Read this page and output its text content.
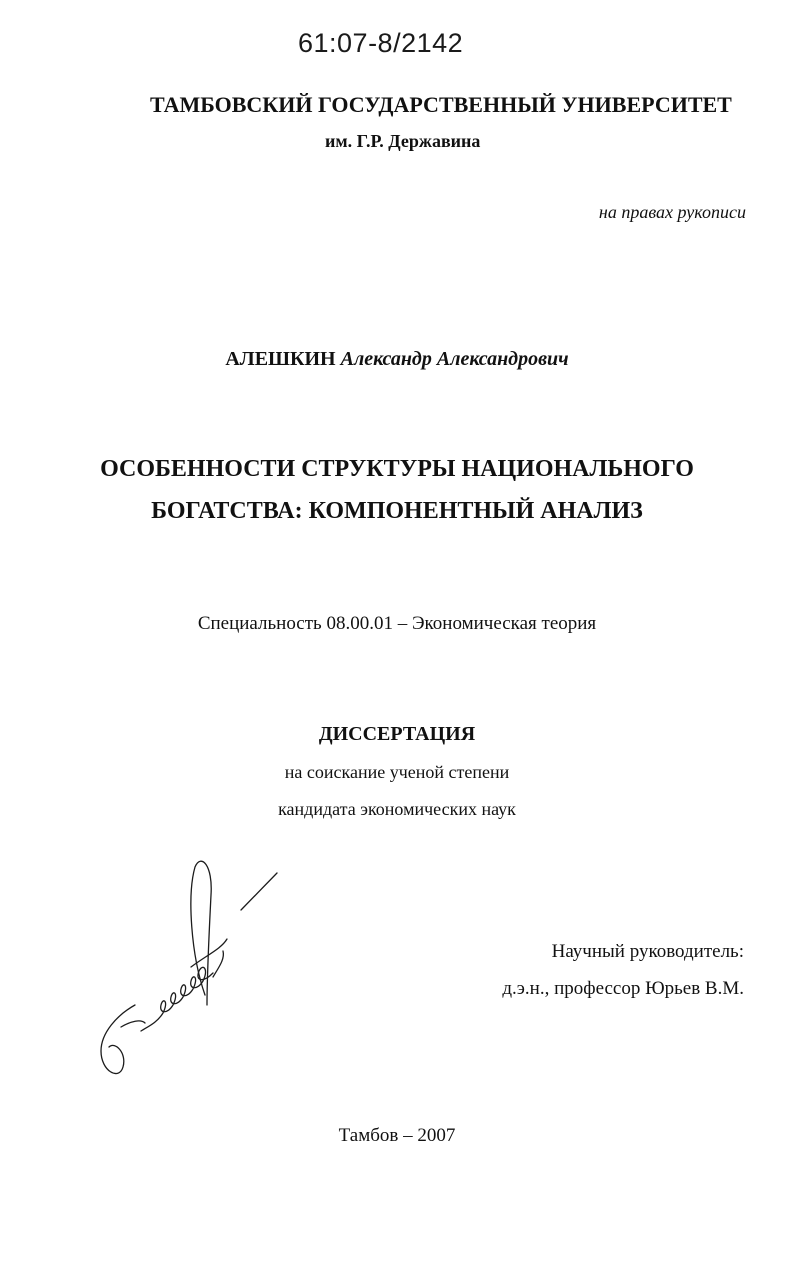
61:07-8/2142
ТАМБОВСКИЙ ГОСУДАРСТВЕННЫЙ УНИВЕРСИТЕТ
им. Г.Р. Державина
на правах рукописи
АЛЕШКИН Александр Александрович
ОСОБЕННОСТИ СТРУКТУРЫ НАЦИОНАЛЬНОГО
БОГАТСТВА: КОМПОНЕНТНЫЙ АНАЛИЗ
Специальность 08.00.01 – Экономическая теория
ДИССЕРТАЦИЯ
на соискание ученой степени
кандидата экономических наук
Научный руководитель:
д.э.н., профессор Юрьев В.М.
Тамбов – 2007
